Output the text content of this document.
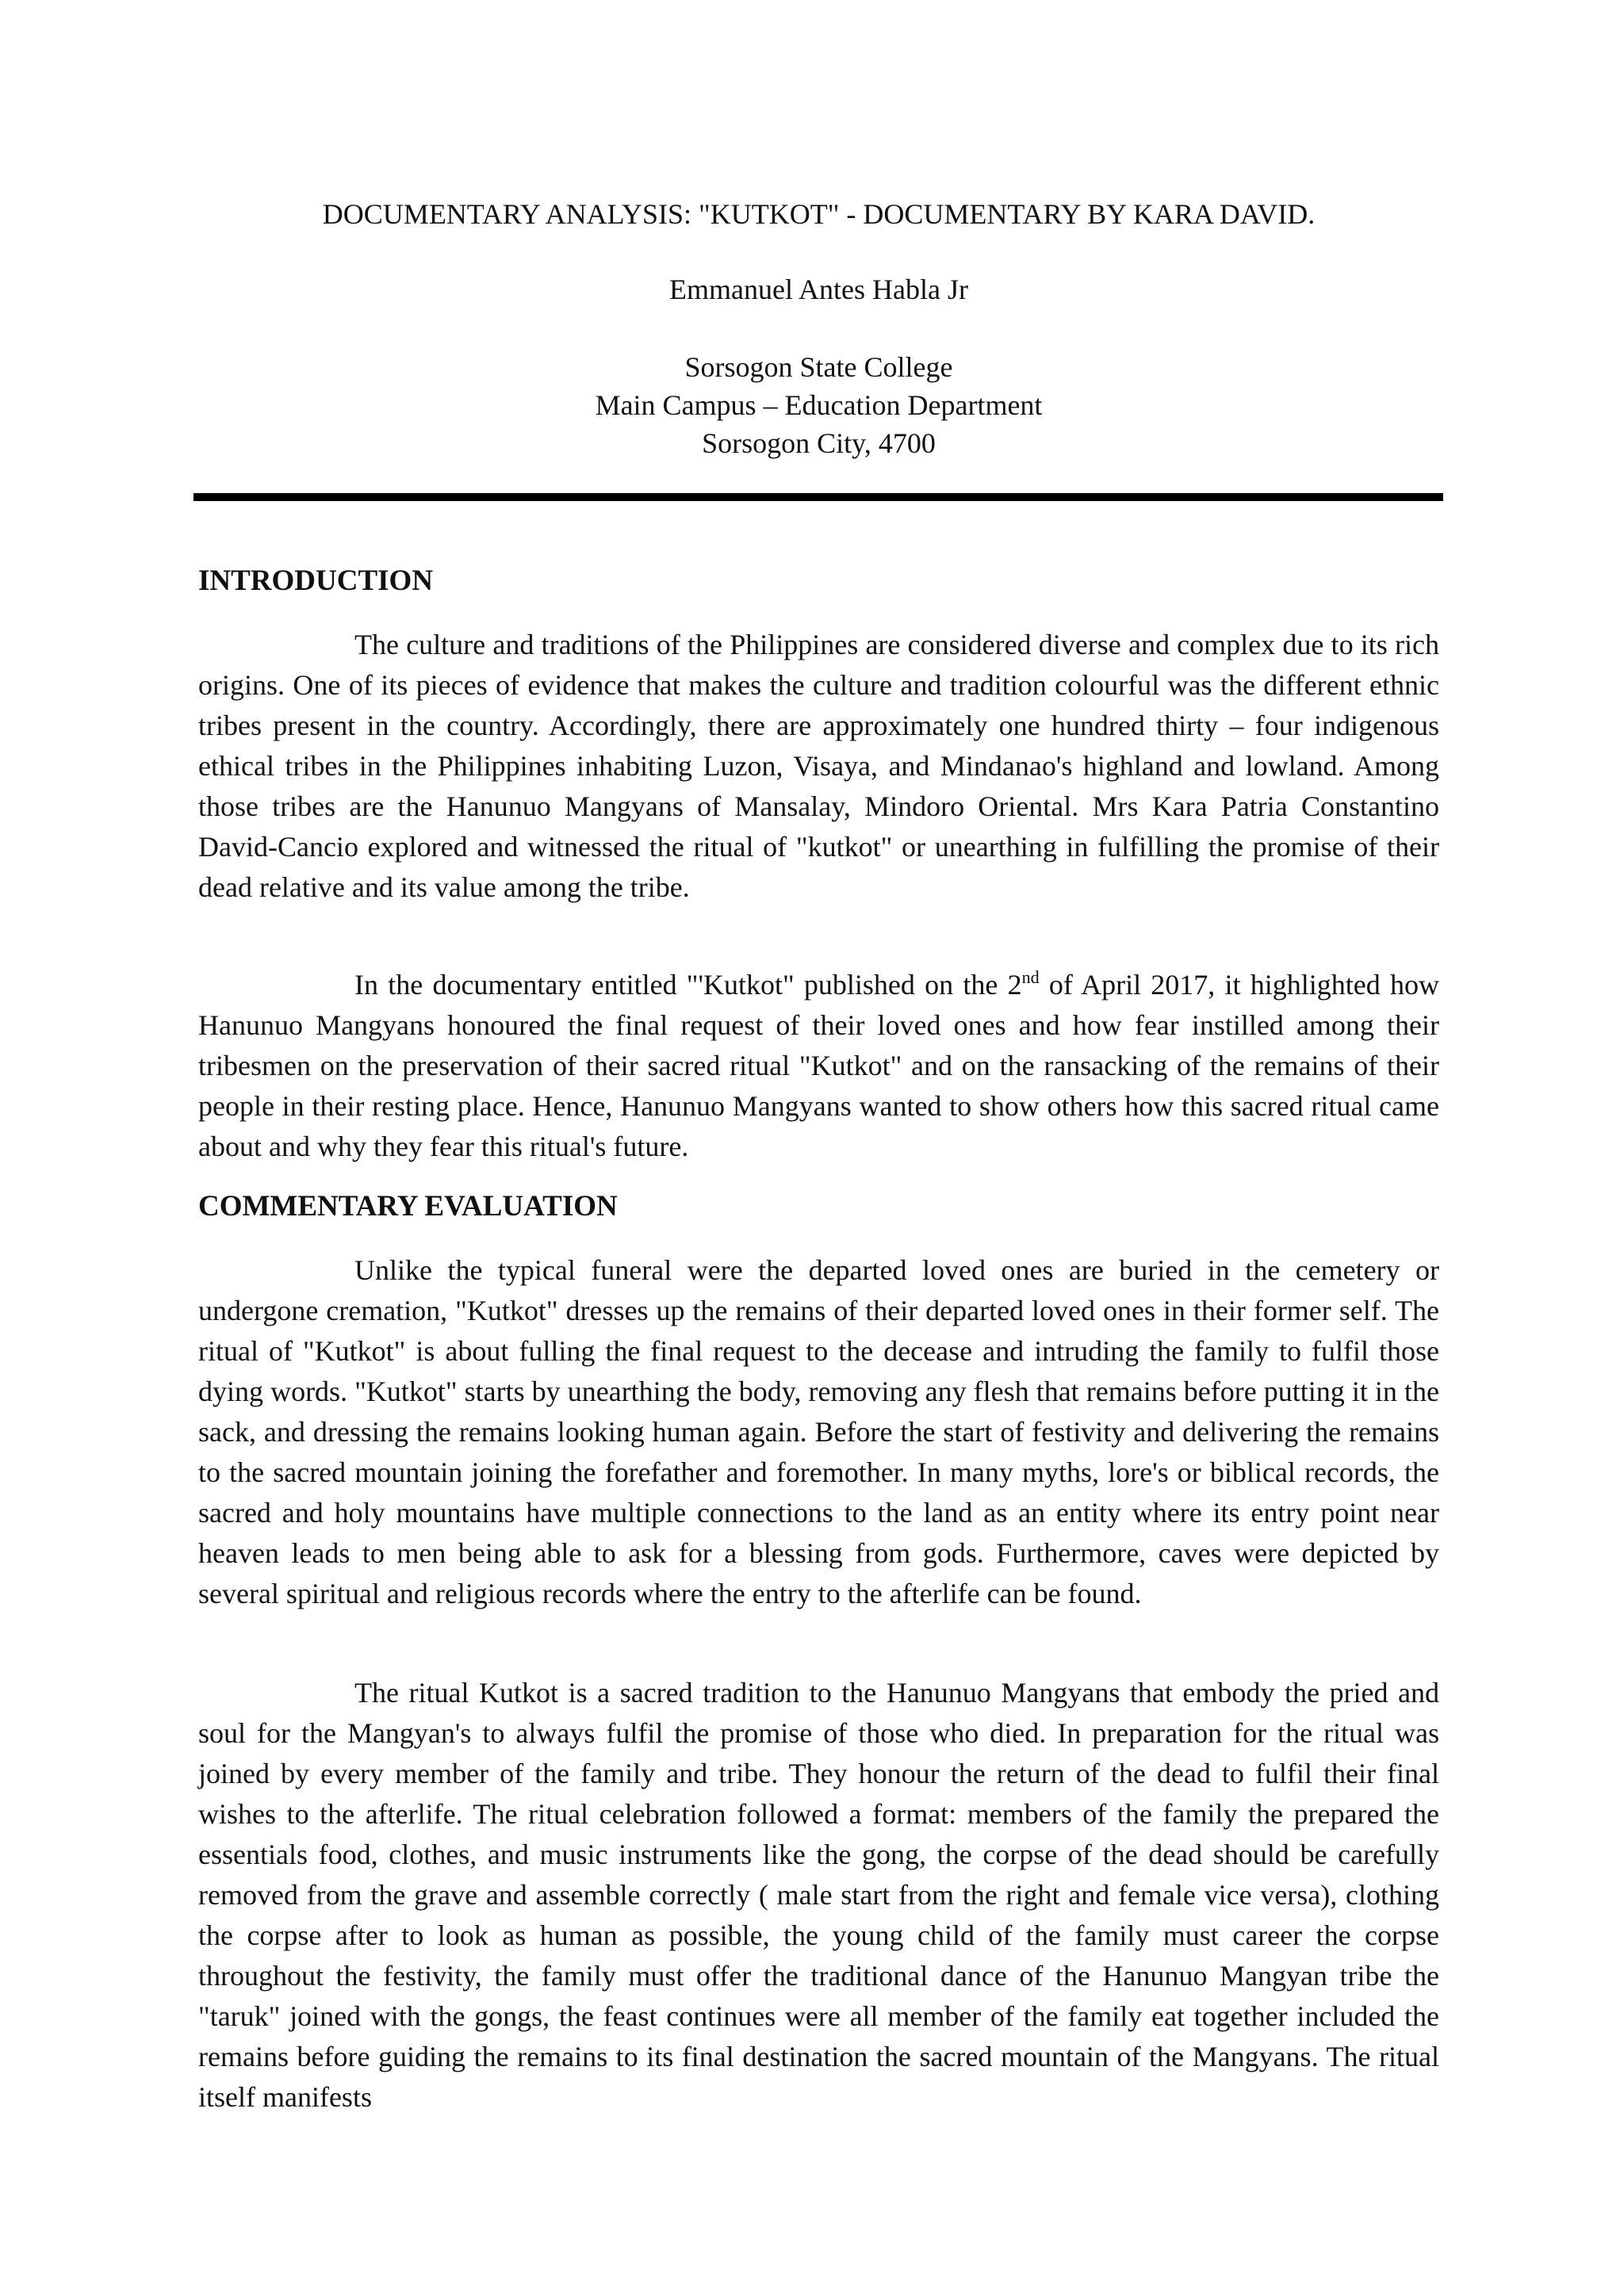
DOCUMENTARY ANALYSIS: "KUTKOT" - DOCUMENTARY BY KARA DAVID.
Emmanuel Antes Habla Jr
Sorsogon State College
Main Campus – Education Department
Sorsogon City, 4700
INTRODUCTION

The culture and traditions of the Philippines are considered diverse and complex due to its rich origins. One of its pieces of evidence that makes the culture and tradition colourful was the different ethnic tribes present in the country. Accordingly, there are approximately one hundred thirty – four indigenous ethical tribes in the Philippines inhabiting Luzon, Visaya, and Mindanao's highland and lowland. Among those tribes are the Hanunuo Mangyans of Mansalay, Mindoro Oriental. Mrs Kara Patria Constantino David-Cancio explored and witnessed the ritual of "kutkot" or unearthing in fulfilling the promise of their dead relative and its value among the tribe.

In the documentary entitled "'Kutkot" published on the 2nd of April 2017, it highlighted how Hanunuo Mangyans honoured the final request of their loved ones and how fear instilled among their tribesmen on the preservation of their sacred ritual "Kutkot" and on the ransacking of the remains of their people in their resting place. Hence, Hanunuo Mangyans wanted to show others how this sacred ritual came about and why they fear this ritual's future.

COMMENTARY EVALUATION

Unlike the typical funeral were the departed loved ones are buried in the cemetery or undergone cremation, "Kutkot" dresses up the remains of their departed loved ones in their former self. The ritual of "Kutkot" is about fulling the final request to the decease and intruding the family to fulfil those dying words. "Kutkot" starts by unearthing the body, removing any flesh that remains before putting it in the sack, and dressing the remains looking human again. Before the start of festivity and delivering the remains to the sacred mountain joining the forefather and foremother. In many myths, lore's or biblical records, the sacred and holy mountains have multiple connections to the land as an entity where its entry point near heaven leads to men being able to ask for a blessing from gods. Furthermore, caves were depicted by several spiritual and religious records where the entry to the afterlife can be found.

The ritual Kutkot is a sacred tradition to the Hanunuo Mangyans that embody the pried and soul for the Mangyan's to always fulfil the promise of those who died. In preparation for the ritual was joined by every member of the family and tribe. They honour the return of the dead to fulfil their final wishes to the afterlife. The ritual celebration followed a format: members of the family the prepared the essentials food, clothes, and music instruments like the gong, the corpse of the dead should be carefully removed from the grave and assemble correctly ( male start from the right and female vice versa), clothing the corpse after to look as human as possible, the young child of the family must career the corpse throughout the festivity, the family must offer the traditional dance of the Hanunuo Mangyan tribe the "taruk" joined with the gongs, the feast continues were all member of the family eat together included the remains before guiding the remains to its final destination the sacred mountain of the Mangyans. The ritual itself manifests
